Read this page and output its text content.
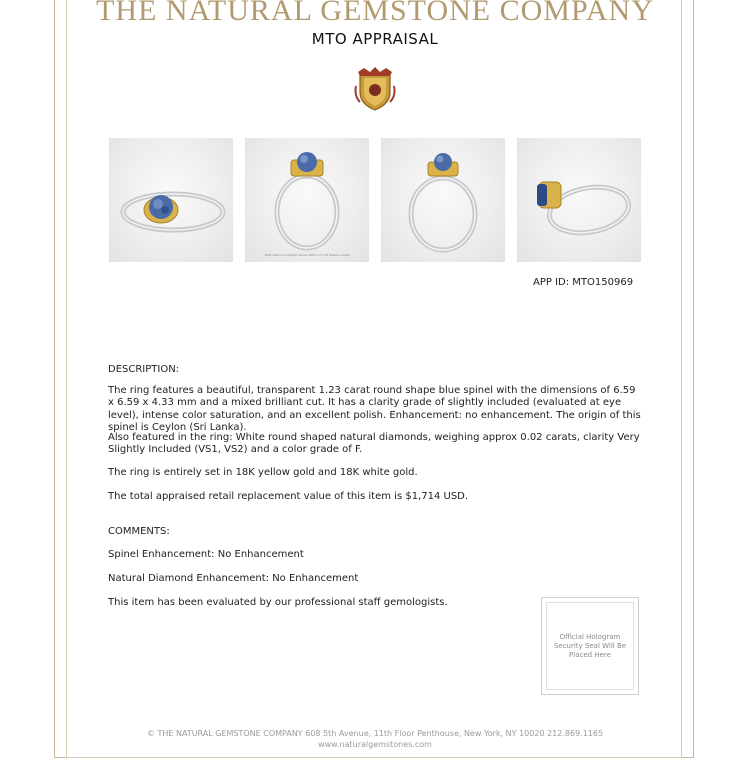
THE NATURAL GEMSTONE COMPANY
MTO APPRAISAL
Total Diamond Weight Varies Within 2% Of Stated Carats
APP ID: MTO150969
DESCRIPTION:
The ring features a beautiful, transparent 1.23 carat round shape blue spinel with the dimensions of 6.59 x 6.59 x 4.33 mm and a mixed brilliant cut. It has a clarity grade of slightly included (evaluated at eye level), intense color saturation, and an excellent polish. Enhancement: no enhancement. The origin of this spinel is Ceylon (Sri Lanka).
Also featured in the ring: White round shaped natural diamonds, weighing approx 0.02 carats, clarity Very Slightly Included (VS1, VS2) and a color grade of F.
The ring is entirely set in 18K yellow gold and 18K white gold.
The total appraised retail replacement value of this item is $1,714 USD.
COMMENTS:
Spinel Enhancement: No Enhancement
Natural Diamond Enhancement: No Enhancement
This item has been evaluated by our professional staff gemologists.
Official Hologram Security Seal Will Be Placed Here
© THE NATURAL GEMSTONE COMPANY 608 5th Avenue, 11th Floor Penthouse, New York, NY 10020 212.869.1165
www.naturalgemstones.com
